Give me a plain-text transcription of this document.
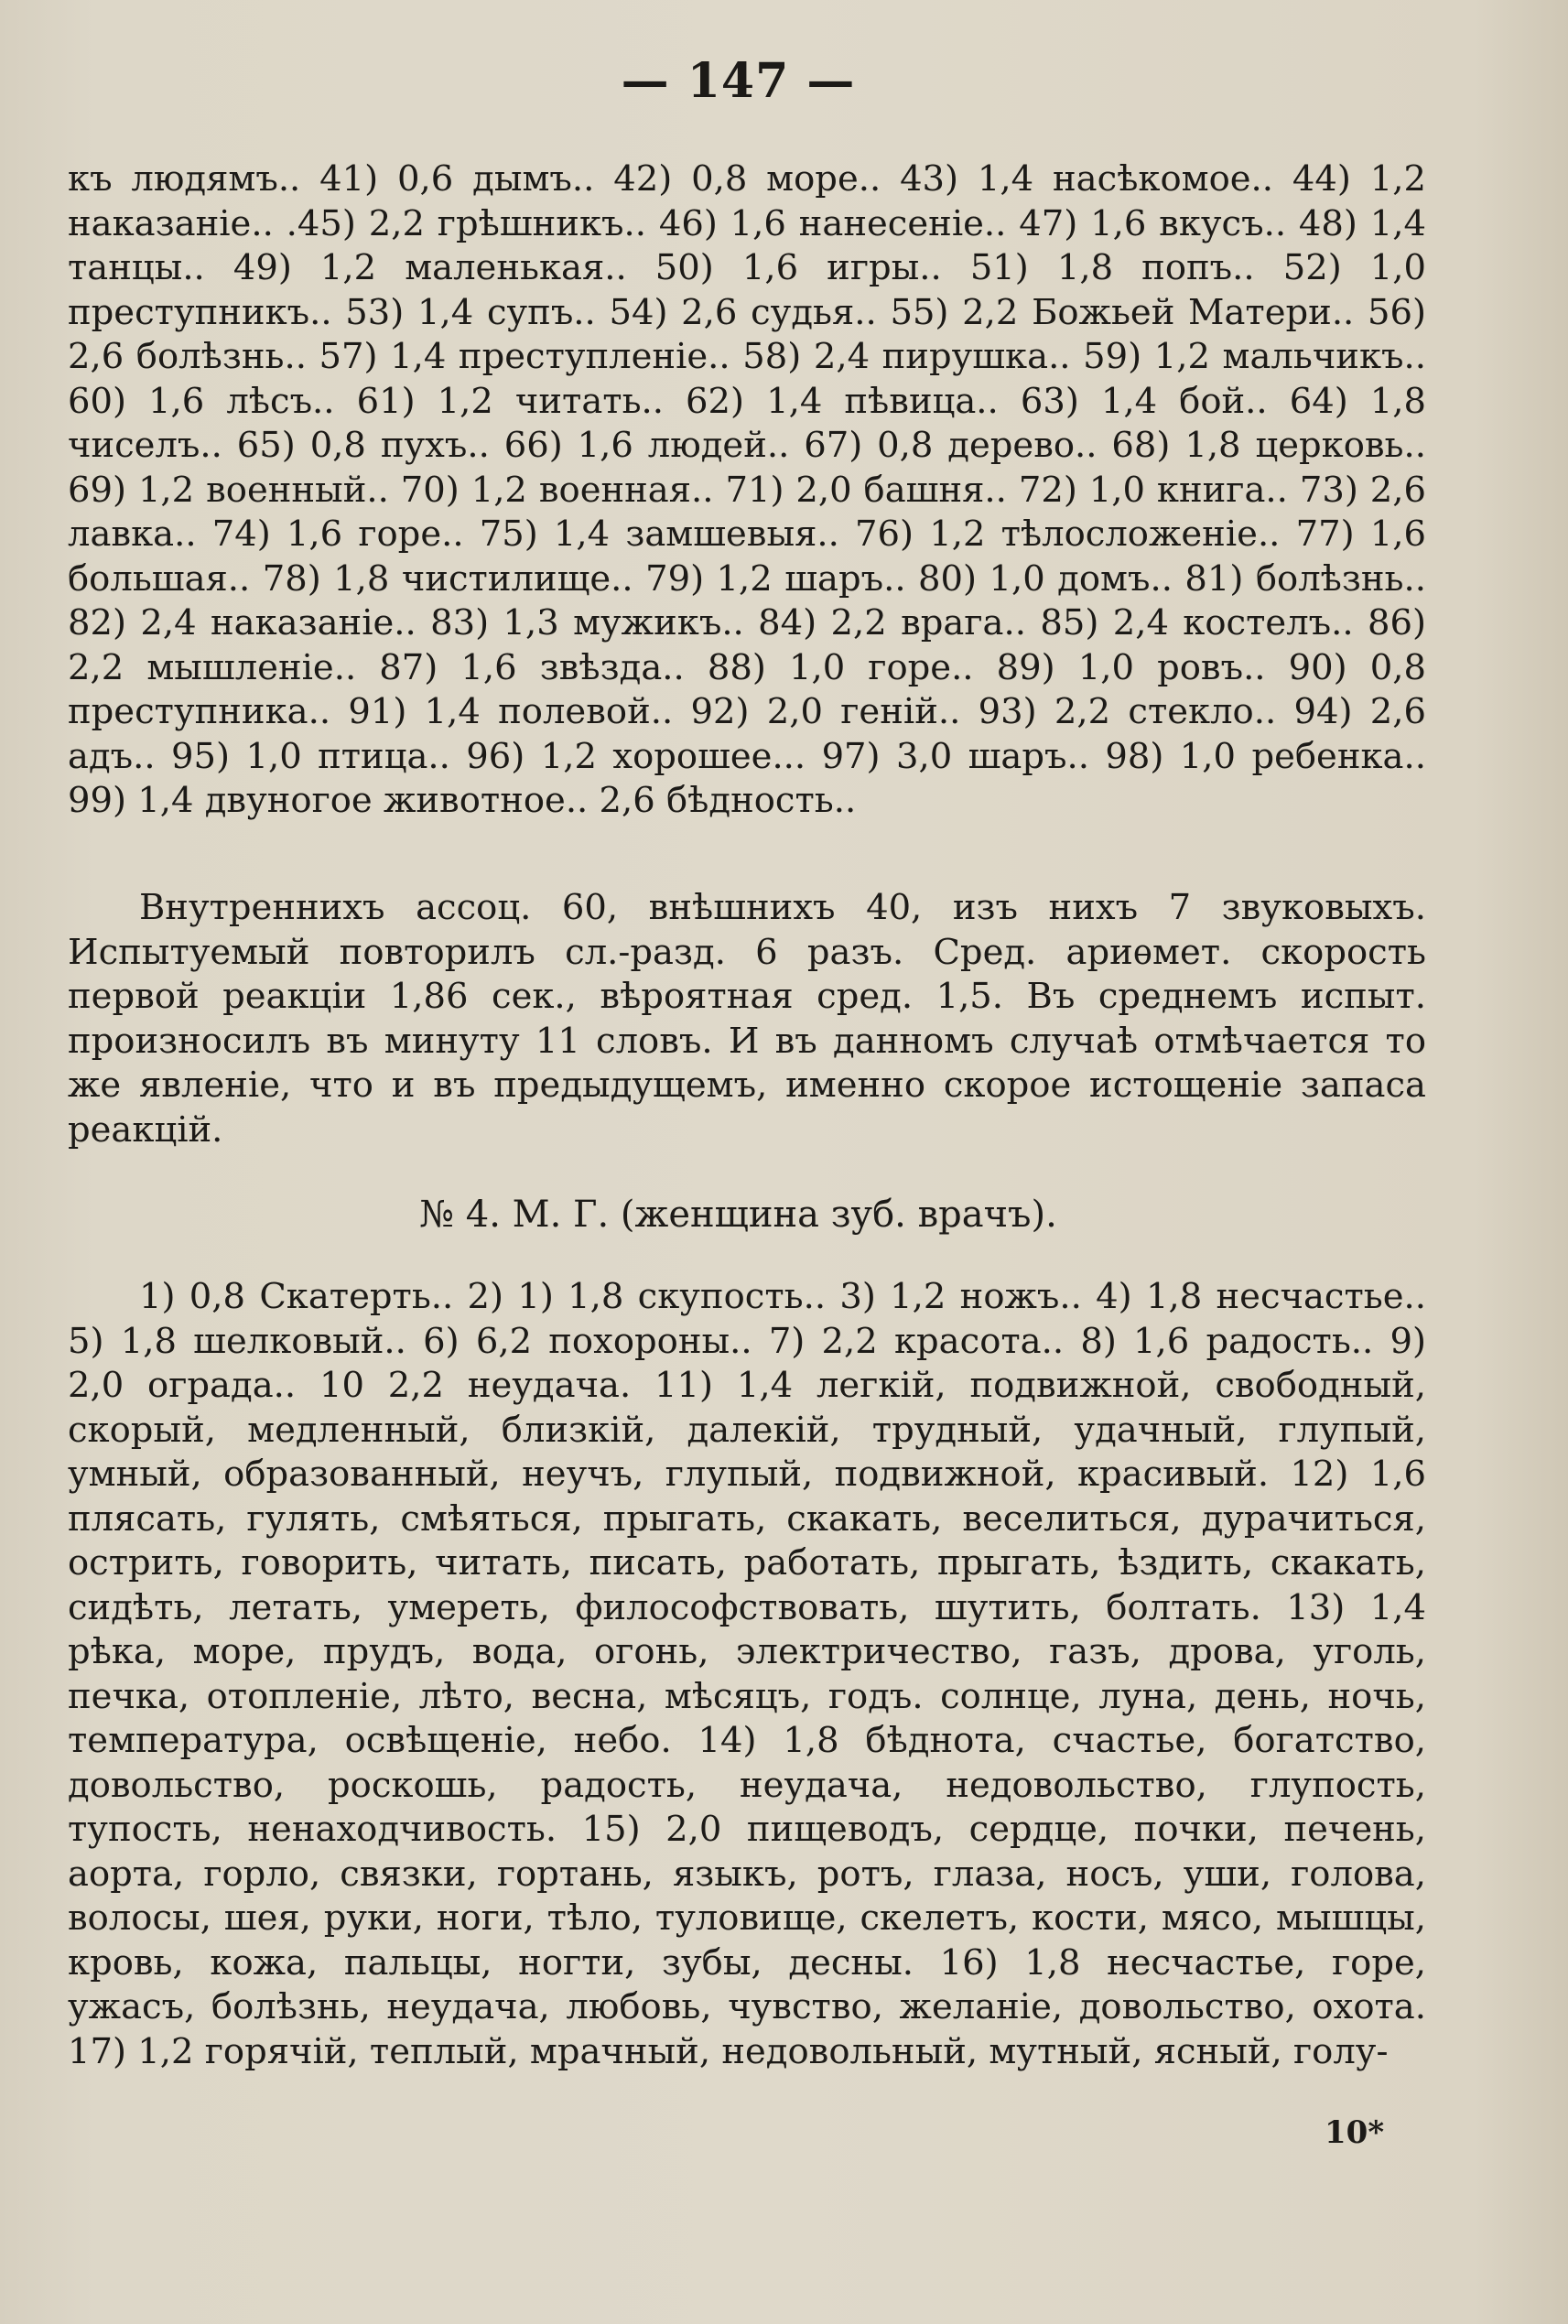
— 147 —

къ людямъ.. 41) 0,6 дымъ.. 42) 0,8 море.. 43) 1,4 насѣкомое.. 44) 1,2 наказаніе.. .45) 2,2 грѣшникъ.. 46) 1,6 нанесеніе.. 47) 1,6 вкусъ.. 48) 1,4 танцы.. 49) 1,2 маленькая.. 50) 1,6 игры.. 51) 1,8 попъ.. 52) 1,0 преступникъ.. 53) 1,4 супъ.. 54) 2,6 судья.. 55) 2,2 Божьей Матери.. 56) 2,6 болѣзнь.. 57) 1,4 преступленіе.. 58) 2,4 пирушка.. 59) 1,2 мальчикъ.. 60) 1,6 лѣсъ.. 61) 1,2 читать.. 62) 1,4 пѣвица.. 63) 1,4 бой.. 64) 1,8 чиселъ.. 65) 0,8 пухъ.. 66) 1,6 людей.. 67) 0,8 дерево.. 68) 1,8 церковь.. 69) 1,2 военный.. 70) 1,2 военная.. 71) 2,0 башня.. 72) 1,0 книга.. 73) 2,6 лавка.. 74) 1,6 горе.. 75) 1,4 замшевыя.. 76) 1,2 тѣлосложеніе.. 77) 1,6 большая.. 78) 1,8 чистилище.. 79) 1,2 шаръ.. 80) 1,0 домъ.. 81) болѣзнь.. 82) 2,4 наказаніе.. 83) 1,3 мужикъ.. 84) 2,2 врага.. 85) 2,4 костелъ.. 86) 2,2 мышленіе.. 87) 1,6 звѣзда.. 88) 1,0 горе.. 89) 1,0 ровъ.. 90) 0,8 преступника.. 91) 1,4 полевой.. 92) 2,0 геній.. 93) 2,2 стекло.. 94) 2,6 адъ.. 95) 1,0 птица.. 96) 1,2 хорошее... 97) 3,0 шаръ.. 98) 1,0 ребенка.. 99) 1,4 двуногое животное.. 2,6 бѣдность..

Внутреннихъ ассоц. 60, внѣшнихъ 40, изъ нихъ 7 звуковыхъ. Испытуемый повторилъ сл.-разд. 6 разъ. Сред. ариѳмет. скорость первой реакціи 1,86 сек., вѣроятная сред. 1,5. Въ среднемъ испыт. произносилъ въ минуту 11 словъ. И въ данномъ случаѣ отмѣчается то же явленіе, что и въ предыдущемъ, именно скорое истощеніе запаса реакцій.

№ 4. М. Г. (женщина зуб. врачъ).

1) 0,8 Скатерть.. 2) 1) 1,8 скупость.. 3) 1,2 ножъ.. 4) 1,8 несчастье.. 5) 1,8 шелковый.. 6) 6,2 похороны.. 7) 2,2 красота.. 8) 1,6 радость.. 9) 2,0 ограда.. 10 2,2 неудача. 11) 1,4 легкій, подвижной, свободный, скорый, медленный, близкій, далекій, трудный, удачный, глупый, умный, образованный, неучъ, глупый, подвижной, красивый. 12) 1,6 плясать, гулять, смѣяться, прыгать, скакать, веселиться, дурачиться, острить, говорить, читать, писать, работать, прыгать, ѣздить, скакать, сидѣть, летать, умереть, философствовать, шутить, болтать. 13) 1,4 рѣка, море, прудъ, вода, огонь, электричество, газъ, дрова, уголь, печка, отопленіе, лѣто, весна, мѣсяцъ, годъ. солнце, луна, день, ночь, температура, освѣщеніе, небо. 14) 1,8 бѣднота, счастье, богатство, довольство, роскошь, радость, неудача, недовольство, глупость, тупость, ненаходчивость. 15) 2,0 пищеводъ, сердце, почки, печень, аорта, горло, связки, гортань, языкъ, ротъ, глаза, носъ, уши, голова, волосы, шея, руки, ноги, тѣло, туловище, скелетъ, кости, мясо, мышцы, кровь, кожа, пальцы, ногти, зубы, десны. 16) 1,8 несчастье, горе, ужасъ, болѣзнь, неудача, любовь, чувство, желаніе, довольство, охота. 17) 1,2 горячій, теплый, мрачный, недовольный, мутный, ясный, голу-

10*
